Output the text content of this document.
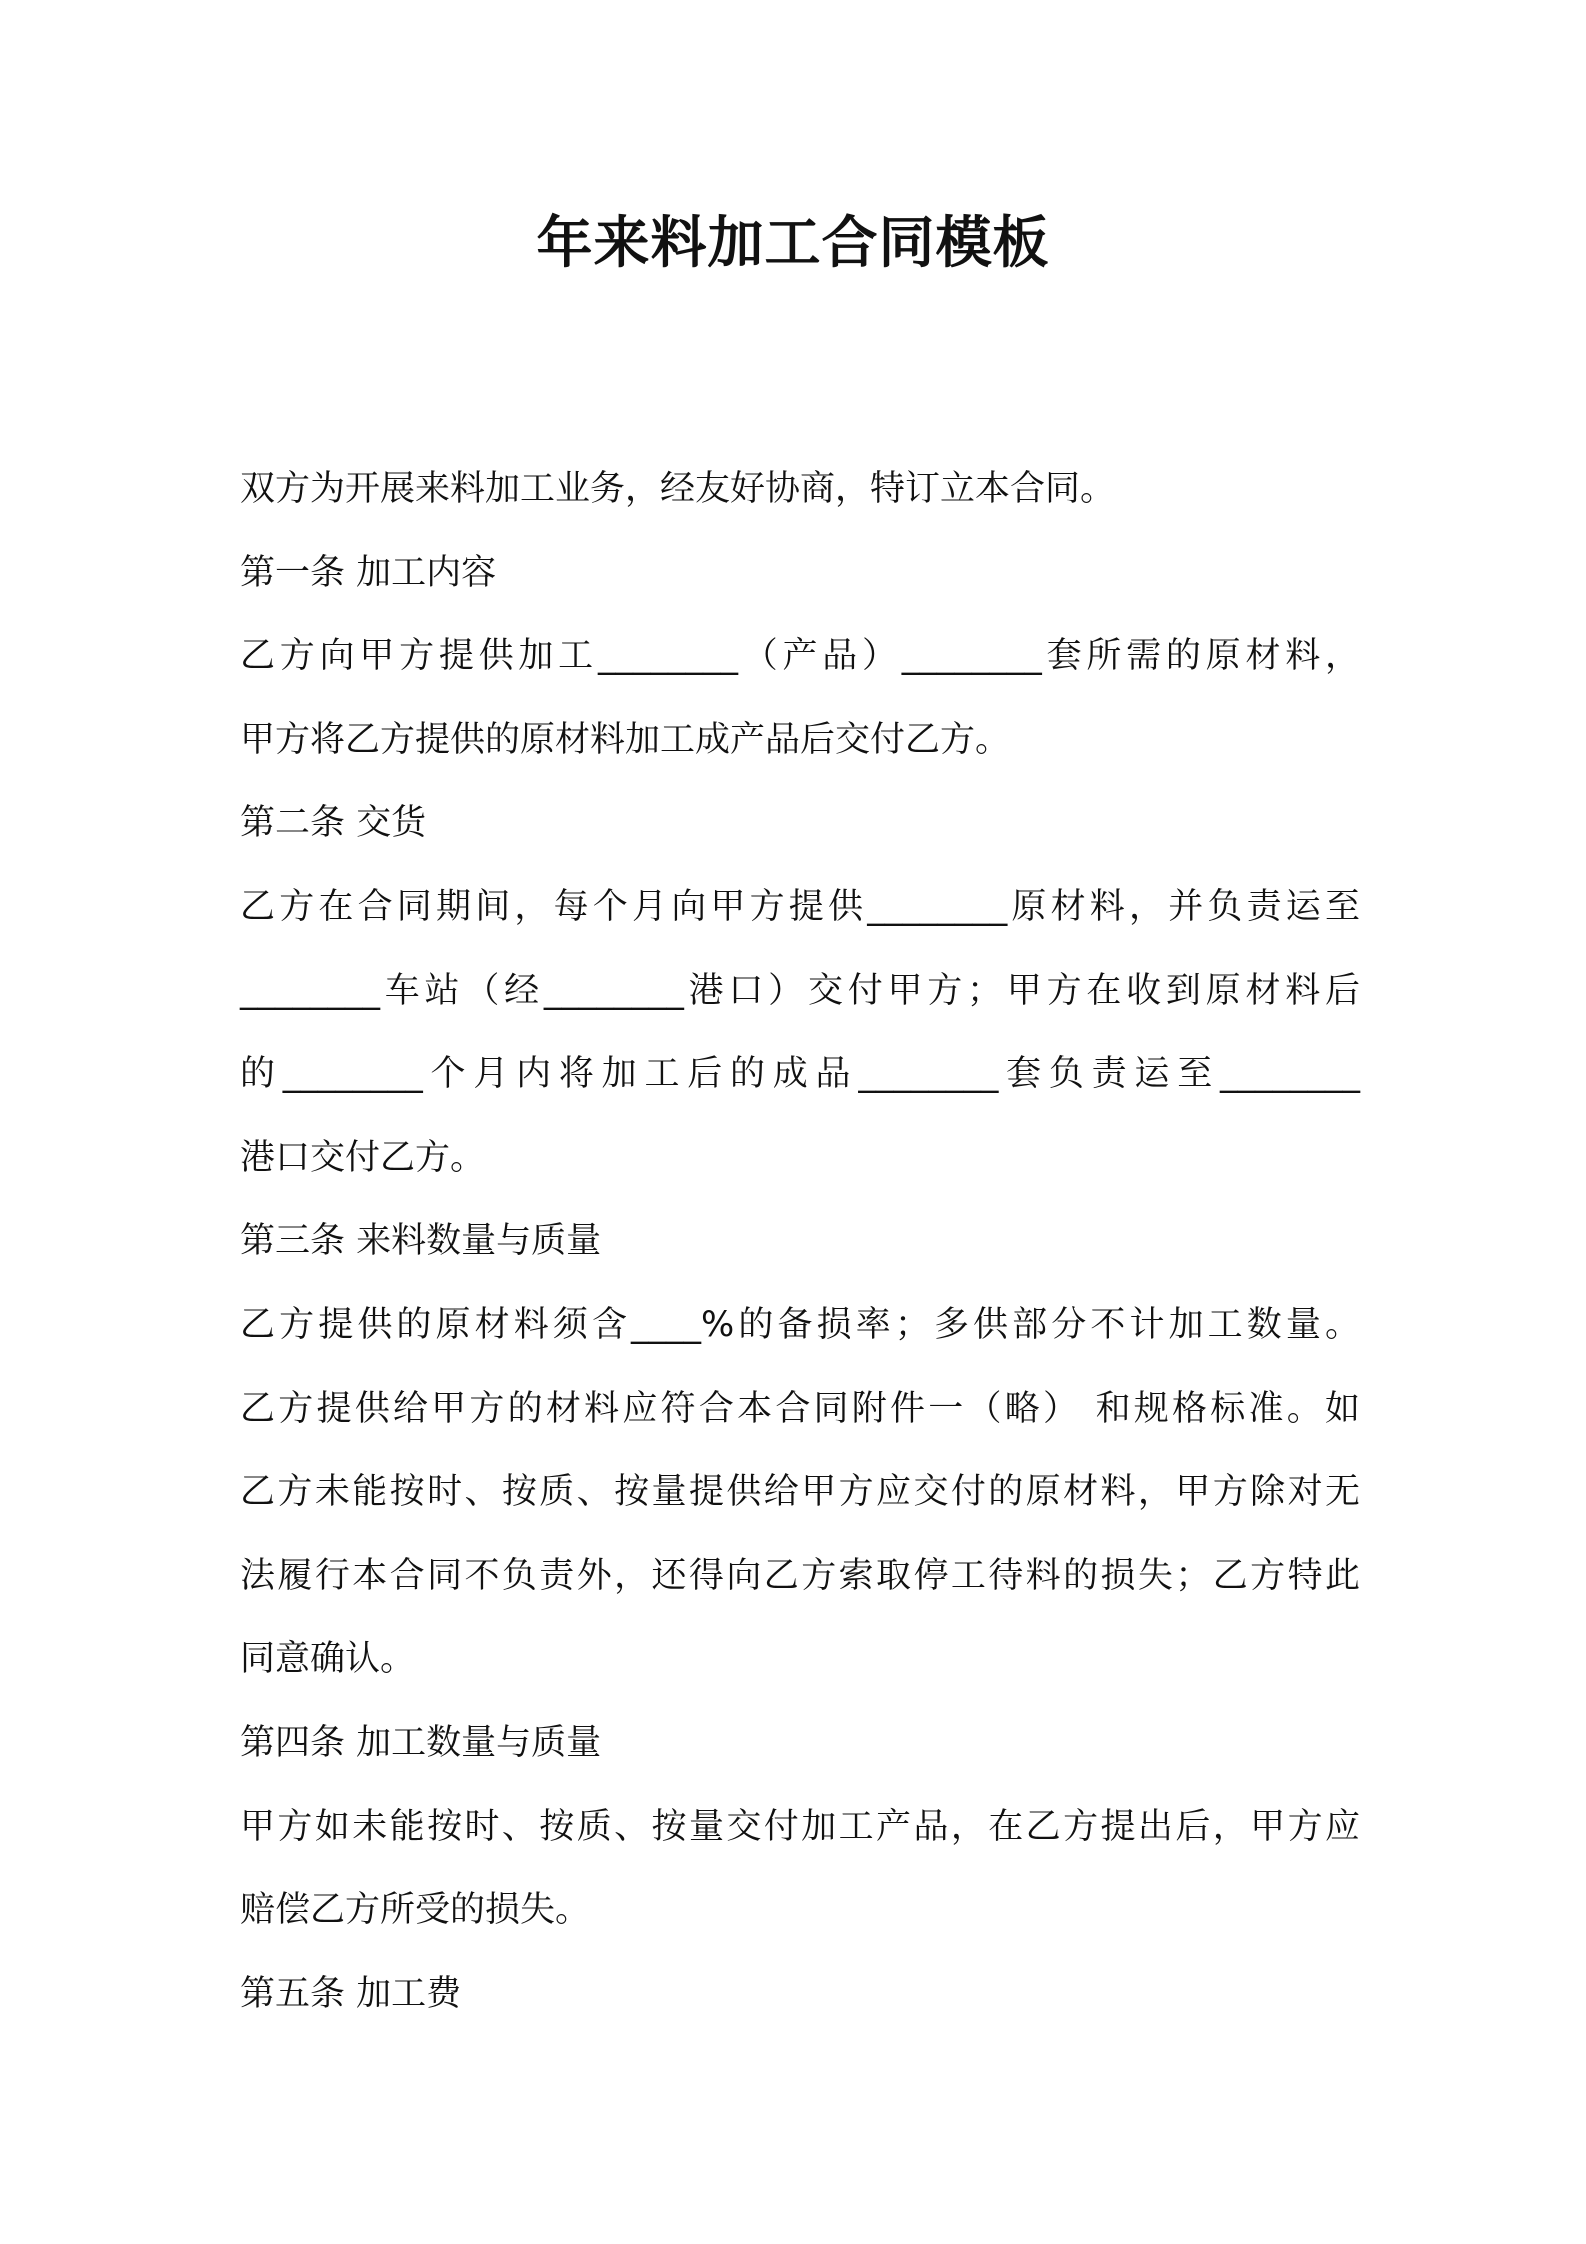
年来料加工合同模板

双方为开展来料加工业务，经友好协商，特订立本合同。

第一条 加工内容

乙方向甲方提供加工________（产品）________套所需的原材料，

甲方将乙方提供的原材料加工成产品后交付乙方。

第二条 交货

乙方在合同期间，每个月向甲方提供________原材料，并负责运至

________车站（经________港口）交付甲方；甲方在收到原材料后

的________个月内将加工后的成品________套负责运至________

港口交付乙方。

第三条 来料数量与质量

乙方提供的原材料须含____%的备损率；多供部分不计加工数量。

乙方提供给甲方的材料应符合本合同附件一（略） 和规格标准。如

乙方未能按时、按质、按量提供给甲方应交付的原材料，甲方除对无

法履行本合同不负责外，还得向乙方索取停工待料的损失；乙方特此

同意确认。

第四条 加工数量与质量

甲方如未能按时、按质、按量交付加工产品，在乙方提出后，甲方应

赔偿乙方所受的损失。

第五条 加工费
